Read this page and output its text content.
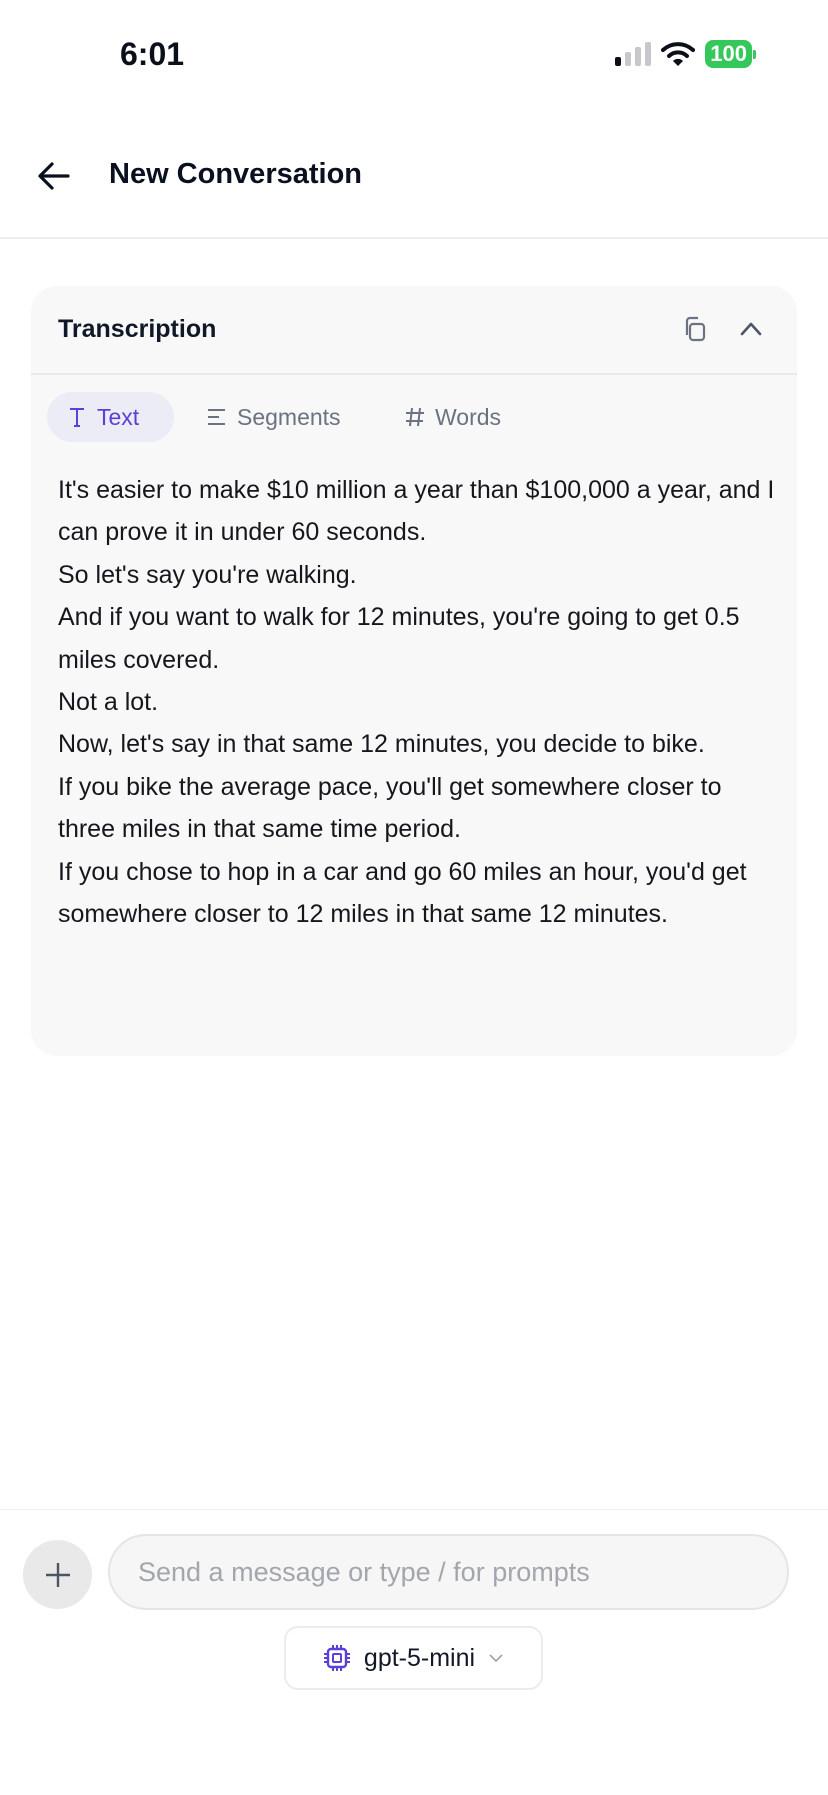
6:01	100
New Conversation
Transcription
Text	Segments	Words
It's easier to make $10 million a year than $100,000 a year, and I can prove it in under 60 seconds.
So let's say you're walking.
And if you want to walk for 12 minutes, you're going to get 0.5 miles covered.
Not a lot.
Now, let's say in that same 12 minutes, you decide to bike.
If you bike the average pace, you'll get somewhere closer to three miles in that same time period.
If you chose to hop in a car and go 60 miles an hour, you'd get somewhere closer to 12 miles in that same 12 minutes.
Send a message or type / for prompts
gpt-5-mini
